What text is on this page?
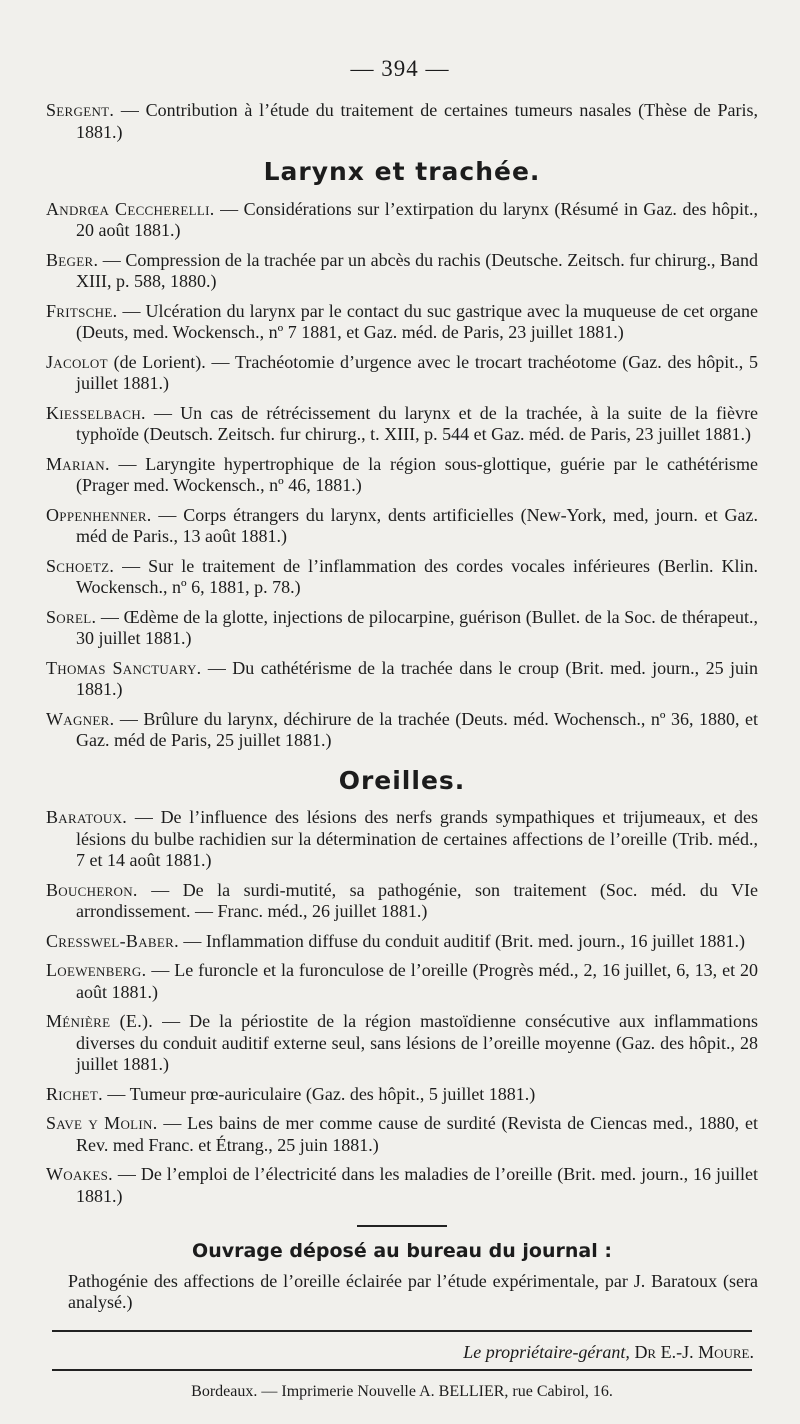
— 394 —

Sergent. — Contribution à l’étude du traitement de certaines tumeurs nasales (Thèse de Paris, 1881.)

Larynx et trachée.

Andrœa Ceccherelli. — Considérations sur l’extirpation du larynx (Résumé in Gaz. des hôpit., 20 août 1881.)

Beger. — Compression de la trachée par un abcès du rachis (Deutsche. Zeitsch. fur chirurg., Band XIII, p. 588, 1880.)

Fritsche. — Ulcération du larynx par le contact du suc gastrique avec la muqueuse de cet organe (Deuts, med. Wockensch., nº 7 1881, et Gaz. méd. de Paris, 23 juillet 1881.)

Jacolot (de Lorient). — Trachéotomie d’urgence avec le trocart trachéotome (Gaz. des hôpit., 5 juillet 1881.)

Kiesselbach. — Un cas de rétrécissement du larynx et de la trachée, à la suite de la fièvre typhoïde (Deutsch. Zeitsch. fur chirurg., t. XIII, p. 544 et Gaz. méd. de Paris, 23 juillet 1881.)

Marian. — Laryngite hypertrophique de la région sous-glottique, guérie par le cathétérisme (Prager med. Wockensch., nº 46, 1881.)

Oppenhenner. — Corps étrangers du larynx, dents artificielles (New-York, med, journ. et Gaz. méd de Paris., 13 août 1881.)

Schoetz. — Sur le traitement de l’inflammation des cordes vocales inférieures (Berlin. Klin. Wockensch., nº 6, 1881, p. 78.)

Sorel. — Œdème de la glotte, injections de pilocarpine, guérison (Bullet. de la Soc. de thérapeut., 30 juillet 1881.)

Thomas Sanctuary. — Du cathétérisme de la trachée dans le croup (Brit. med. journ., 25 juin 1881.)

Wagner. — Brûlure du larynx, déchirure de la trachée (Deuts. méd. Wochensch., nº 36, 1880, et Gaz. méd de Paris, 25 juillet 1881.)

Oreilles.

Baratoux. — De l’influence des lésions des nerfs grands sympathiques et trijumeaux, et des lésions du bulbe rachidien sur la détermination de certaines affections de l’oreille (Trib. méd., 7 et 14 août 1881.)

Boucheron. — De la surdi-mutité, sa pathogénie, son traitement (Soc. méd. du VIe arrondissement. — Franc. méd., 26 juillet 1881.)

Cresswel-Baber. — Inflammation diffuse du conduit auditif (Brit. med. journ., 16 juillet 1881.)

Loewenberg. — Le furoncle et la furonculose de l’oreille (Progrès méd., 2, 16 juillet, 6, 13, et 20 août 1881.)

Ménière (E.). — De la périostite de la région mastoïdienne consécutive aux inflammations diverses du conduit auditif externe seul, sans lésions de l’oreille moyenne (Gaz. des hôpit., 28 juillet 1881.)

Richet. — Tumeur prœ-auriculaire (Gaz. des hôpit., 5 juillet 1881.)

Save y Molin. — Les bains de mer comme cause de surdité (Revista de Ciencas med., 1880, et Rev. med Franc. et Étrang., 25 juin 1881.)

Woakes. — De l’emploi de l’électricité dans les maladies de l’oreille (Brit. med. journ., 16 juillet 1881.)

Ouvrage déposé au bureau du journal :

Pathogénie des affections de l’oreille éclairée par l’étude expérimentale, par J. Baratoux (sera analysé.)

Le propriétaire-gérant, Dr E.-J. Moure.
Bordeaux. — Imprimerie Nouvelle A. BELLIER, rue Cabirol, 16.
